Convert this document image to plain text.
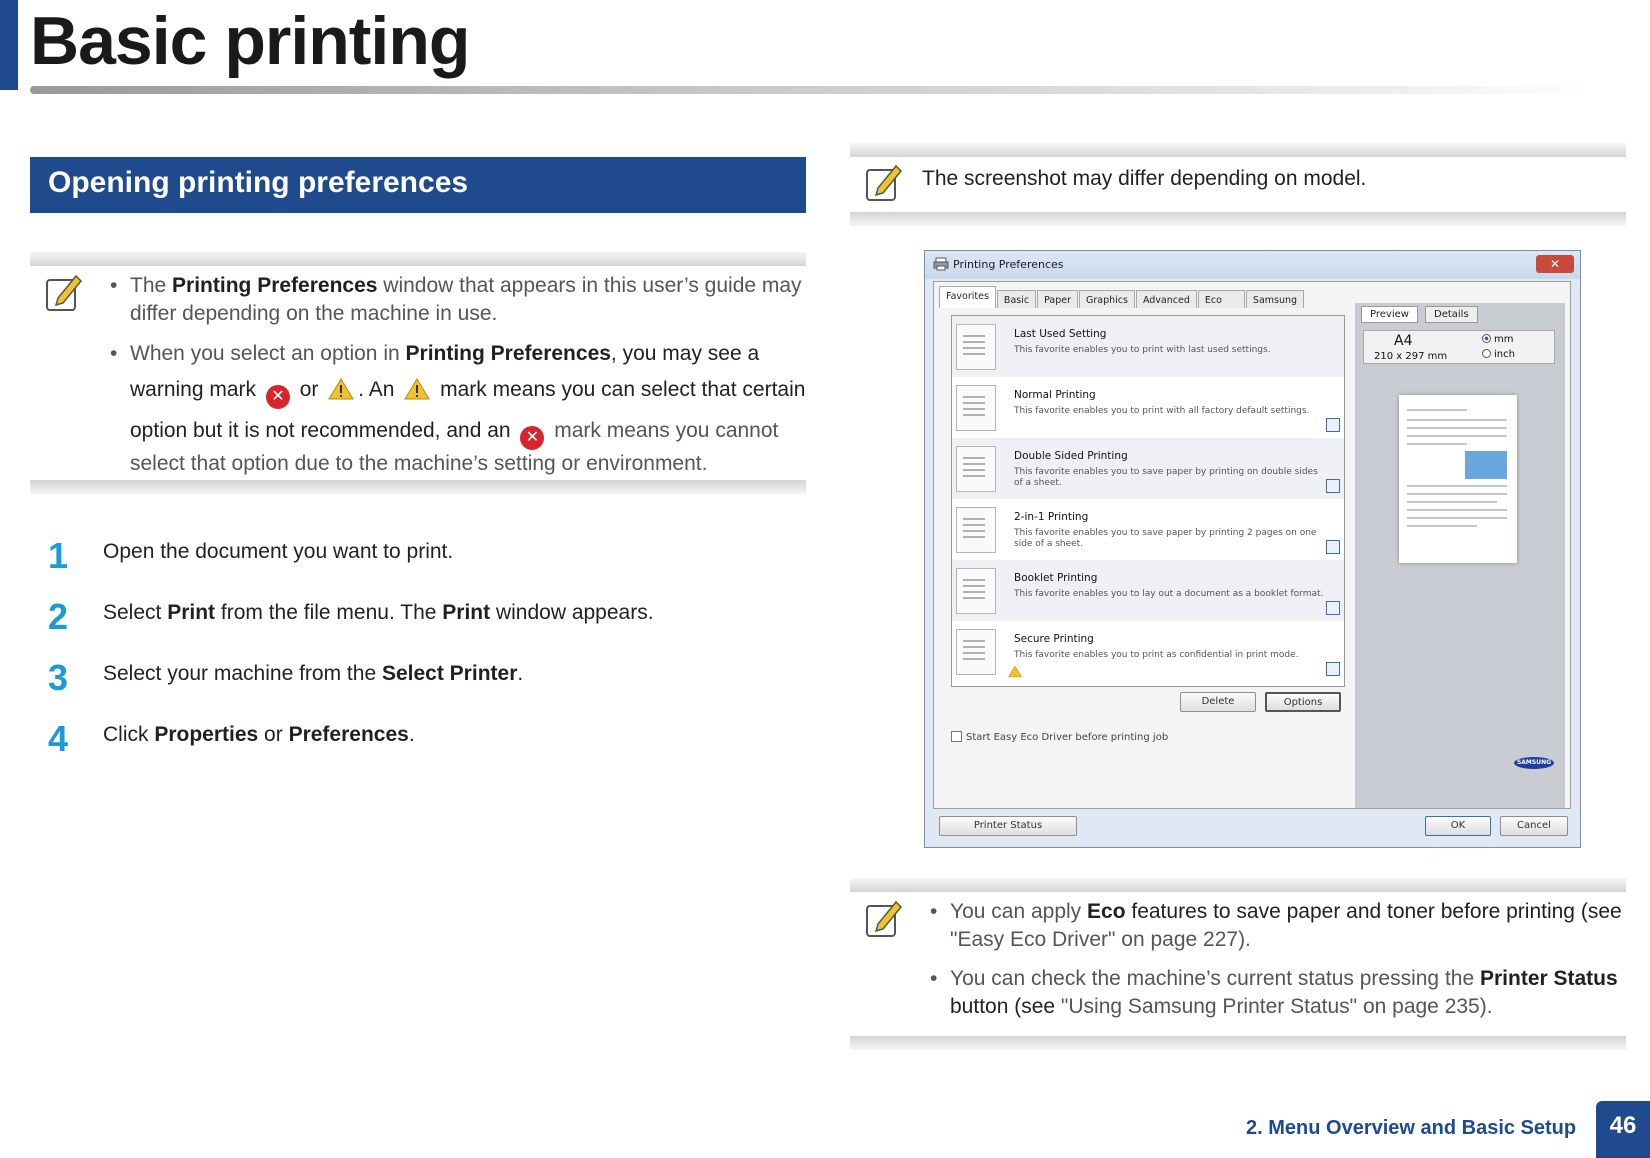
Basic printing
Opening printing preferences
• The Printing Preferences window that appears in this user’s guide may differ depending on the machine in use.
• When you select an option in Printing Preferences, you may see a
warning mark ✕ or . An  mark means you can select that certain
option but it is not recommended, and an ✕ mark means you cannot
select that option due to the machine’s setting or environment.
1 Open the document you want to print.
2 Select Print from the file menu. The Print window appears.
3 Select your machine from the Select Printer.
4 Click Properties or Preferences.
The screenshot may differ depending on model.
Printing Preferences	✕
Favorites	Basic	Paper	Graphics	Advanced	Eco	Samsung
Last Used Setting
This favorite enables you to print with last used settings.
Normal Printing
This favorite enables you to print with all factory default settings.
Double Sided Printing
This favorite enables you to save paper by printing on double sides of a sheet.
2-in-1 Printing
This favorite enables you to save paper by printing 2 pages on one side of a sheet.
Booklet Printing
This favorite enables you to lay out a document as a booklet format.
Secure Printing
This favorite enables you to print as confidential in print mode.
Delete	Options
Start Easy Eco Driver before printing job
Preview	Details
A4
210 x 297 mm
mm
inch
SAMSUNG
Printer Status	OK	Cancel
• You can apply Eco features to save paper and toner before printing (see
"Easy Eco Driver" on page 227).
• You can check the machine’s current status pressing the Printer Status
button (see "Using Samsung Printer Status" on page 235).
2. Menu Overview and Basic Setup	46
